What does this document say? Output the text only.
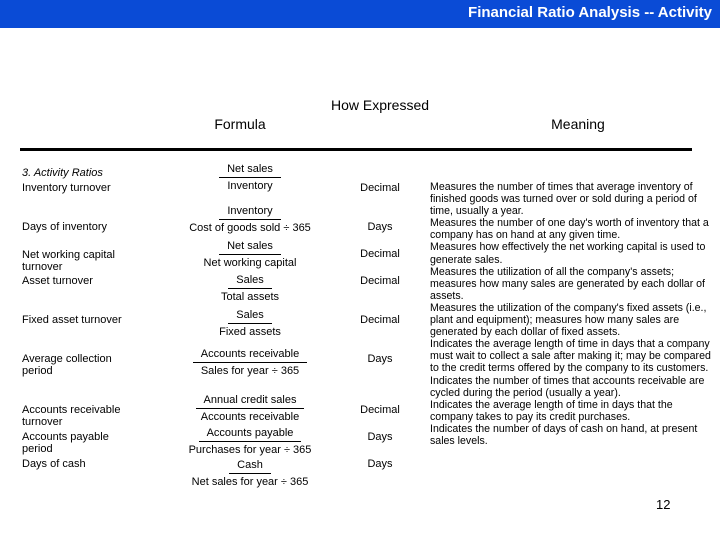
Financial Ratio Analysis -- Activity
Formula
How Expressed
Meaning
3. Activity Ratios
Inventory turnover
Days of inventory
Net working capital turnover
Asset turnover
Fixed asset turnover
Average collection period
Accounts receivable turnover
Accounts payable period
Days of cash
Net sales
Inventory
Inventory
Cost of goods sold ÷ 365
Net sales
Net working capital
Sales
Total assets
Sales
Fixed assets
Accounts receivable
Sales for year ÷ 365
Annual credit sales
Accounts receivable
Accounts payable
Purchases for year ÷ 365
Cash
Net sales for year ÷ 365
Decimal
Days
Decimal
Decimal
Decimal
Days
Decimal
Days
Days

Measures the number of times that average inventory of finished goods was turned over or sold during a period of time, usually a year.

Measures the number of one day's worth of inventory that a company has on hand at any given time.

Measures how effectively the net working capital is used to generate sales.

Measures the utilization of all the company's assets; measures how many sales are generated by each dollar of assets.

Measures the utilization of the company's fixed assets (i.e., plant and equipment); measures how many sales are generated by each dollar of fixed assets.

Indicates the average length of time in days that a company must wait to collect a sale after making it; may be compared to the credit terms offered by the company to its customers.

Indicates the number of times that accounts receivable are cycled during the period (usually a year).

Indicates the average length of time in days that the company takes to pay its credit purchases.

Indicates the number of days of cash on hand, at present sales levels.

12
